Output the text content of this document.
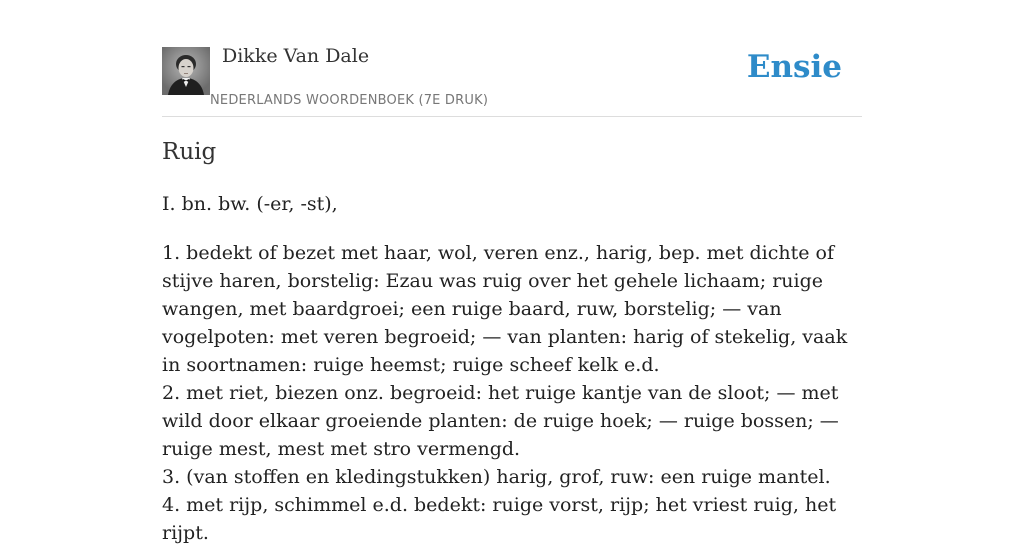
Dikke Van Dale
NEDERLANDS WOORDENBOEK (7E DRUK)
Ensie
Ruig
I. bn. bw. (-er, -st),
1. bedekt of bezet met haar, wol, veren enz., harig, bep. met dichte of stijve haren, borstelig: Ezau was ruig over het gehele lichaam; ruige wangen, met baardgroei; een ruige baard, ruw, borstelig; — van vogelpoten: met veren begroeid; — van planten: harig of stekelig, vaak in soortnamen: ruige heemst; ruige scheef kelk e.d.
2. met riet, biezen onz. begroeid: het ruige kantje van de sloot; — met wild door elkaar groeiende planten: de ruige hoek; — ruige bossen; — ruige mest, mest met stro vermengd.
3. (van stoffen en kledingstukken) harig, grof, ruw: een ruige mantel.
4. met rijp, schimmel e.d. bedekt: ruige vorst, rijp; het vriest ruig, het rijpt.
